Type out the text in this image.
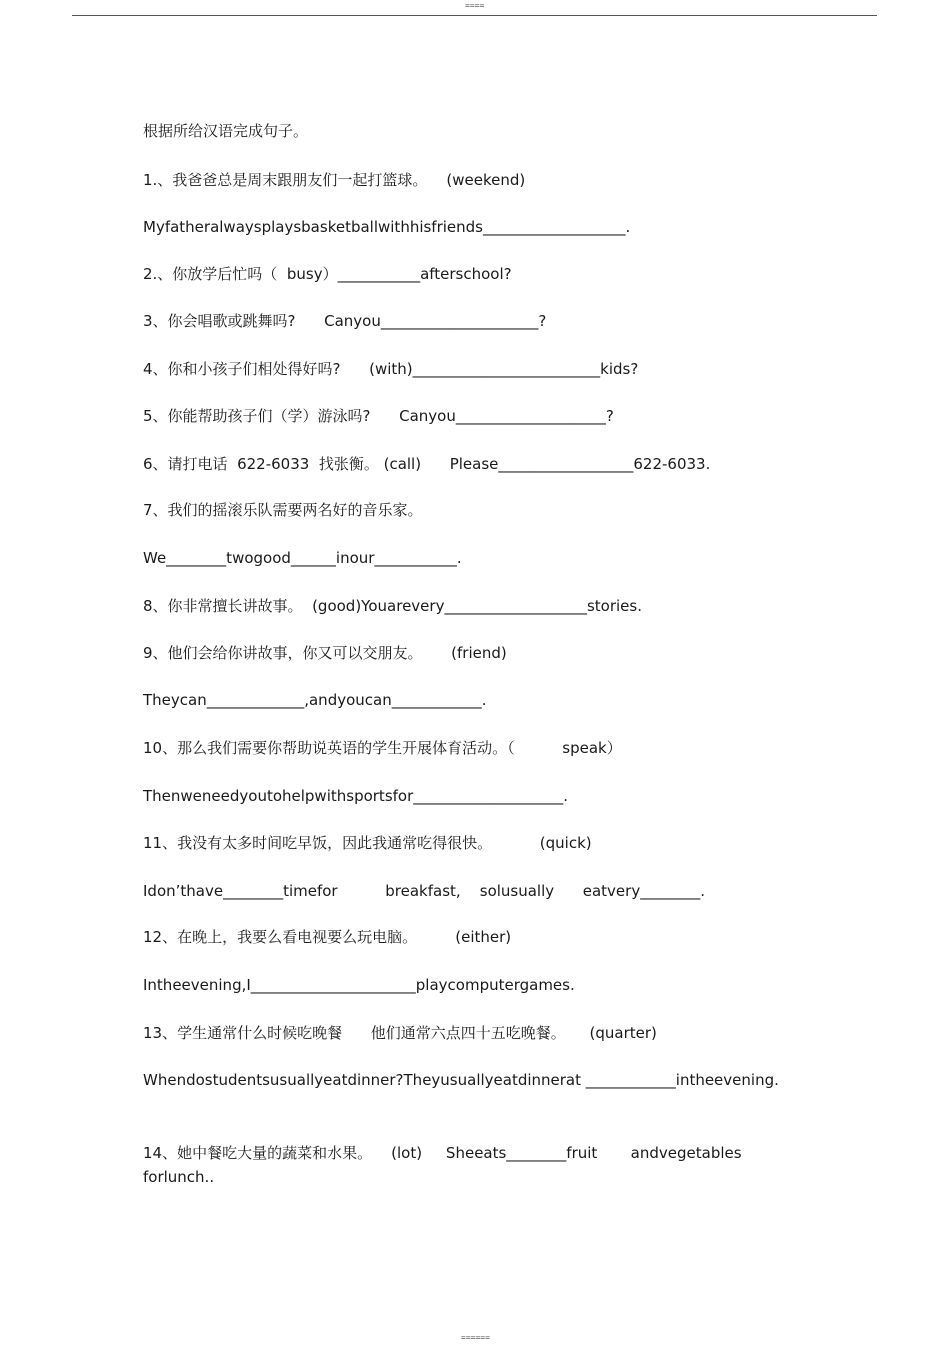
====
根据所给汉语完成句子。
1.、我爸爸总是周末跟朋友们一起打篮球。    (weekend)
Myfatheralwaysplaysbasketballwithhisfriends___________________.
2.、你放学后忙吗（  busy）___________afterschool?
3、你会唱歌或跳舞吗?      Canyou_____________________?
4、你和小孩子们相处得好吗?      (with)_________________________kids?
5、你能帮助孩子们（学）游泳吗?      Canyou____________________?
6、请打电话  622-6033  找张衡。 (call)      Please__________________622-6033.
7、我们的摇滚乐队需要两名好的音乐家。
We________twogood______inour___________.
8、你非常擅长讲故事。  (good)Youarevery___________________stories.
9、他们会给你讲故事，你又可以交朋友。      (friend)
Theycan_____________,andyoucan____________.
10、那么我们需要你帮助说英语的学生开展体育活动。（          speak）
Thenweneedyoutohelpwithsportsfor____________________.
11、我没有太多时间吃早饭，因此我通常吃得很快。          (quick)
Idon’thave________timefor          breakfast,    solusually      eatvery________.
12、在晚上，我要么看电视要么玩电脑。        (either)
Intheevening,I______________________playcomputergames.
13、学生通常什么时候吃晚餐      他们通常六点四十五吃晚餐。     (quarter)
Whendostudentsusuallyeatdinner?Theyusuallyeatdinnerat ____________intheevening.
14、她中餐吃大量的蔬菜和水果。    (lot)     Sheeats________fruit       andvegetables forlunch..
======
